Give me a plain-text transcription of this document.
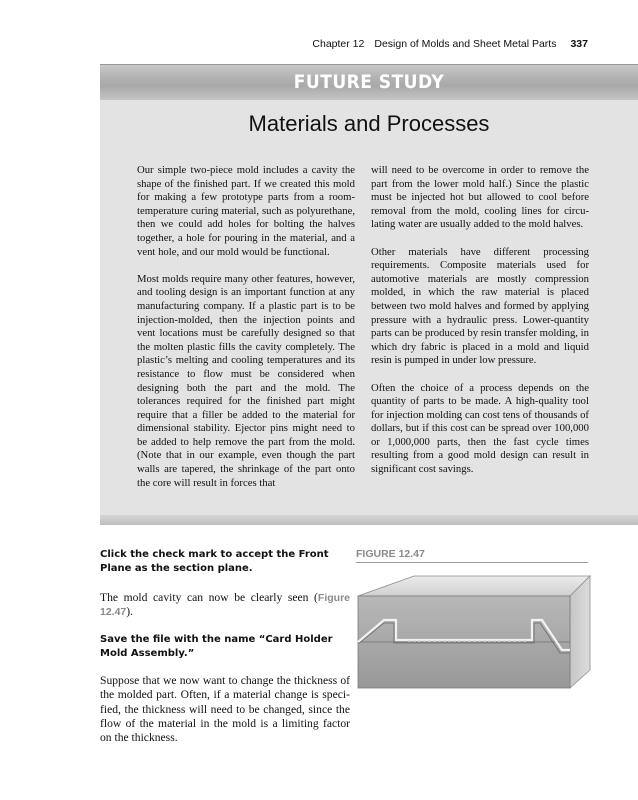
Chapter 12 Design of Molds and Sheet Metal Parts 337
FUTURE STUDY
Materials and Processes

Our simple two-piece mold includes a cavity the shape of the finished part. If we created this mold for making a few prototype parts from a room-temperature curing material, such as polyurethane, then we could add holes for bolting the halves together, a hole for pouring in the material, and a vent hole, and our mold would be functional.

Most molds require many other features, however, and tooling design is an important function at any manufacturing company. If a plastic part is to be injection-molded, then the injection points and vent locations must be carefully designed so that the molten plastic fills the cavity completely. The plastic’s melting and cooling temperatures and its resistance to flow must be considered when designing both the part and the mold. The tolerances required for the finished part might require that a filler be added to the material for dimensional stability. Ejector pins might need to be added to help remove the part from the mold. (Note that in our example, even though the part walls are tapered, the shrinkage of the part onto the core will result in forces that

will need to be overcome in order to remove the part from the lower mold half.) Since the plastic must be injected hot but allowed to cool before removal from the mold, cooling lines for circulating water are usually added to the mold halves.

Other materials have different processing requirements. Composite materials used for automotive materials are mostly compression molded, in which the raw material is placed between two mold halves and formed by applying pressure with a hydraulic press. Lower-quantity parts can be produced by resin transfer molding, in which dry fabric is placed in a mold and liquid resin is pumped in under low pressure.

Often the choice of a process depends on the quantity of parts to be made. A high-quality tool for injection molding can cost tens of thousands of dollars, but if this cost can be spread over 100,000 or 1,000,000 parts, then the fast cycle times resulting from a good mold design can result in significant cost savings.

Click the check mark to accept the Front Plane as the section plane.
The mold cavity can now be clearly seen (Figure 12.47).
Save the file with the name “Card Holder Mold Assembly.”
Suppose that we now want to change the thickness of the molded part. Often, if a material change is specified, the thickness will need to be changed, since the flow of the material in the mold is a limiting factor on the thickness.
FIGURE 12.47
